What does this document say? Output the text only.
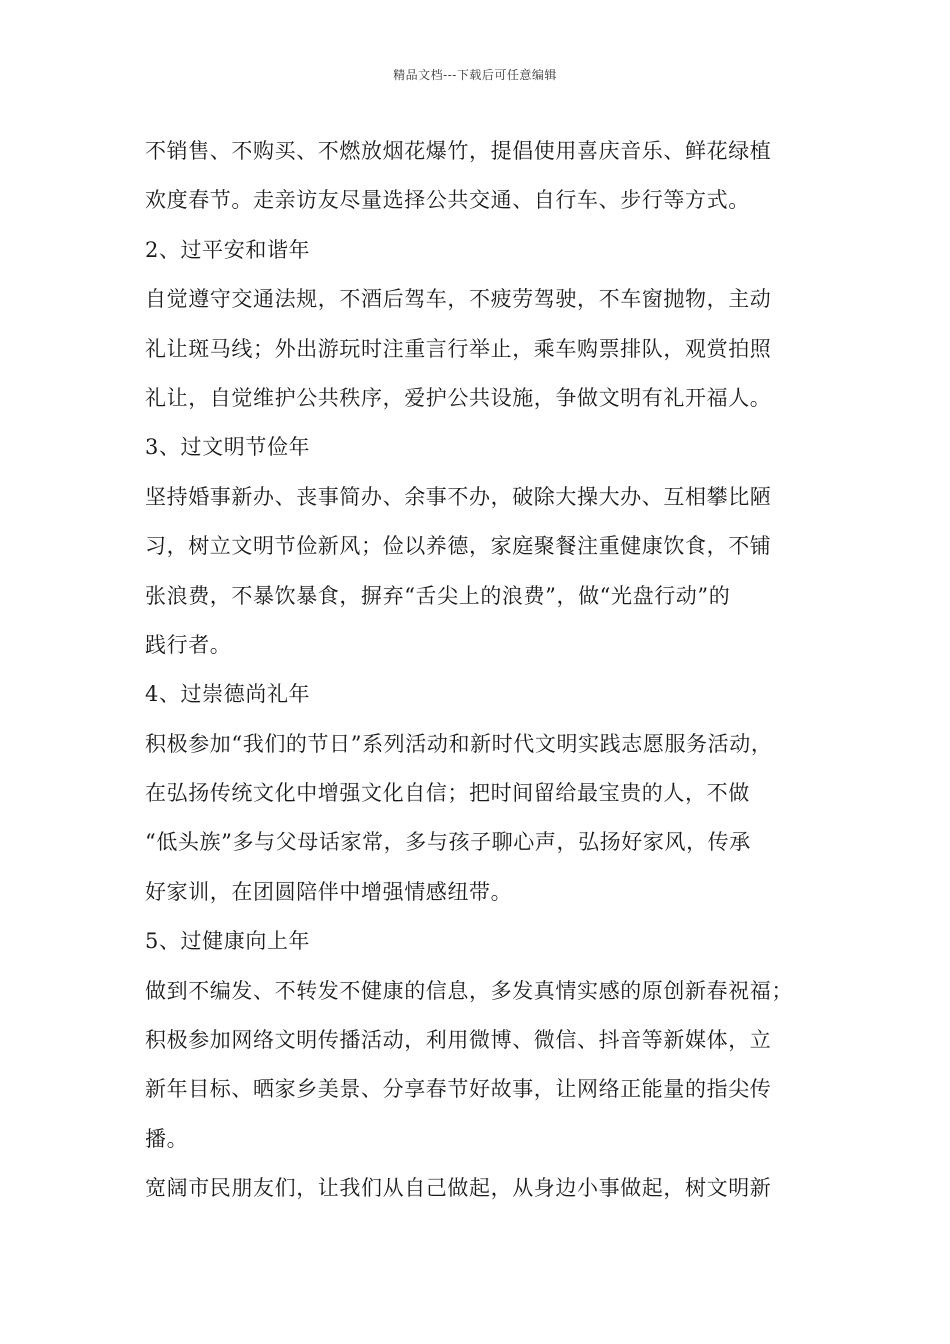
精品文档---下载后可任意编辑
不销售、不购买、不燃放烟花爆竹，提倡使用喜庆音乐、鲜花绿植
欢度春节。走亲访友尽量选择公共交通、自行车、步行等方式。
2、过平安和谐年
自觉遵守交通法规，不酒后驾车，不疲劳驾驶，不车窗抛物，主动
礼让斑马线；外出游玩时注重言行举止，乘车购票排队，观赏拍照
礼让，自觉维护公共秩序，爱护公共设施，争做文明有礼开福人。
3、过文明节俭年
坚持婚事新办、丧事简办、余事不办，破除大操大办、互相攀比陋
习，树立文明节俭新风；俭以养德，家庭聚餐注重健康饮食，不铺
张浪费，不暴饮暴食，摒弃“舌尖上的浪费”，做“光盘行动”的
践行者。
4、过崇德尚礼年
积极参加“我们的节日”系列活动和新时代文明实践志愿服务活动，
在弘扬传统文化中增强文化自信；把时间留给最宝贵的人，不做
“低头族”多与父母话家常，多与孩子聊心声，弘扬好家风，传承
好家训，在团圆陪伴中增强情感纽带。
5、过健康向上年
做到不编发、不转发不健康的信息，多发真情实感的原创新春祝福；
积极参加网络文明传播活动，利用微博、微信、抖音等新媒体，立
新年目标、晒家乡美景、分享春节好故事，让网络正能量的指尖传
播。
宽阔市民朋友们，让我们从自己做起，从身边小事做起，树文明新
